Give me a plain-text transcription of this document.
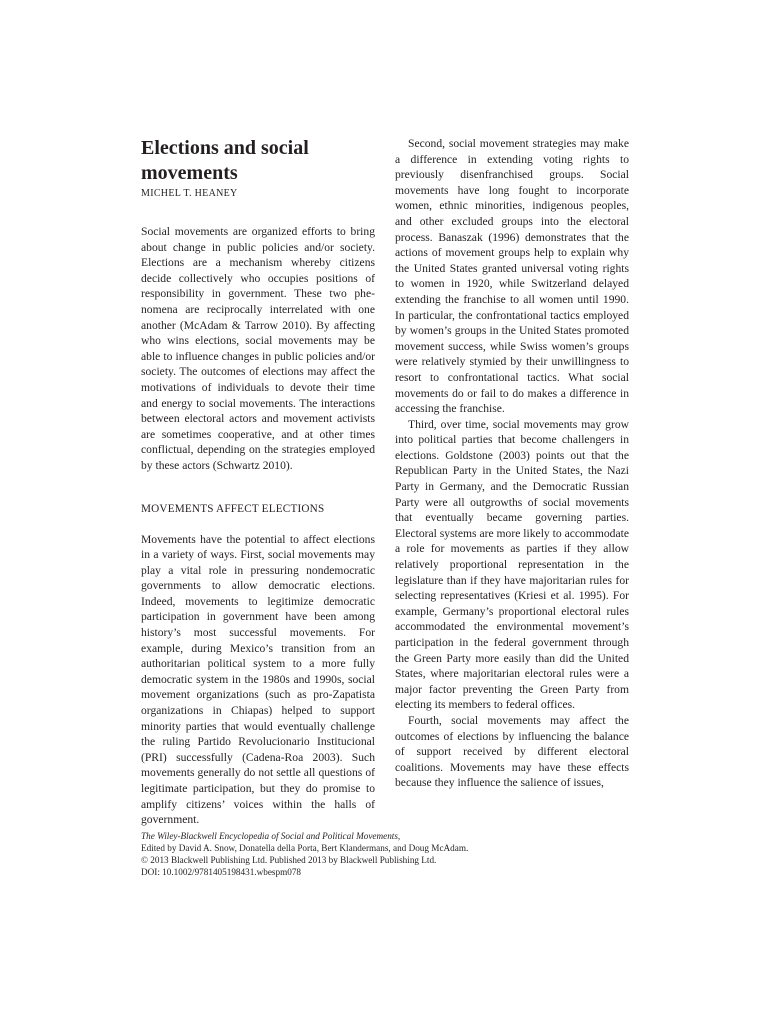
Elections and social movements
MICHEL T. HEANEY

Social movements are organized efforts to bring about change in public policies and/or society. Elections are a mechanism whereby citizens decide collectively who occupies positions of responsibility in government. These two phenomena are reciprocally interrelated with one another (McAdam & Tarrow 2010). By affecting who wins elections, social movements may be able to influence changes in public policies and/or society. The outcomes of elections may affect the motivations of individuals to devote their time and energy to social movements. The interactions between electoral actors and movement activists are sometimes cooperative, and at other times conflictual, depending on the strategies employed by these actors (Schwartz 2010).

MOVEMENTS AFFECT ELECTIONS

Movements have the potential to affect elections in a variety of ways. First, social movements may play a vital role in pressuring nondemocratic governments to allow democratic elections. Indeed, movements to legitimize democratic participation in government have been among history’s most successful movements. For example, during Mexico’s transition from an authoritarian political system to a more fully democratic system in the 1980s and 1990s, social movement organizations (such as pro-Zapatista organizations in Chiapas) helped to support minority parties that would eventually challenge the ruling Partido Revolucionario Institucional (PRI) successfully (Cadena-Roa 2003). Such movements generally do not settle all questions of legitimate participation, but they do promise to amplify citizens’ voices within the halls of government.

Second, social movement strategies may make a difference in extending voting rights to previously disenfranchised groups. Social movements have long fought to incorporate women, ethnic minorities, indigenous peoples, and other excluded groups into the electoral process. Banaszak (1996) demonstrates that the actions of movement groups help to explain why the United States granted universal voting rights to women in 1920, while Switzerland delayed extending the franchise to all women until 1990. In particular, the confrontational tactics employed by women’s groups in the United States promoted movement success, while Swiss women’s groups were relatively stymied by their unwillingness to resort to confrontational tactics. What social movements do or fail to do makes a difference in accessing the franchise.

Third, over time, social movements may grow into political parties that become challengers in elections. Goldstone (2003) points out that the Republican Party in the United States, the Nazi Party in Germany, and the Democratic Russian Party were all outgrowths of social movements that eventually became governing parties. Electoral systems are more likely to accommodate a role for movements as parties if they allow relatively proportional representation in the legislature than if they have majoritarian rules for selecting representatives (Kriesi et al. 1995). For example, Germany’s proportional electoral rules accommodated the environmental movement’s participation in the federal government through the Green Party more easily than did the United States, where majoritarian electoral rules were a major factor preventing the Green Party from electing its members to federal offices.

Fourth, social movements may affect the outcomes of elections by influencing the balance of support received by different electoral coalitions. Movements may have these effects because they influence the salience of issues,

The Wiley-Blackwell Encyclopedia of Social and Political Movements,
Edited by David A. Snow, Donatella della Porta, Bert Klandermans, and Doug McAdam.
© 2013 Blackwell Publishing Ltd. Published 2013 by Blackwell Publishing Ltd.
DOI: 10.1002/9781405198431.wbespm078
